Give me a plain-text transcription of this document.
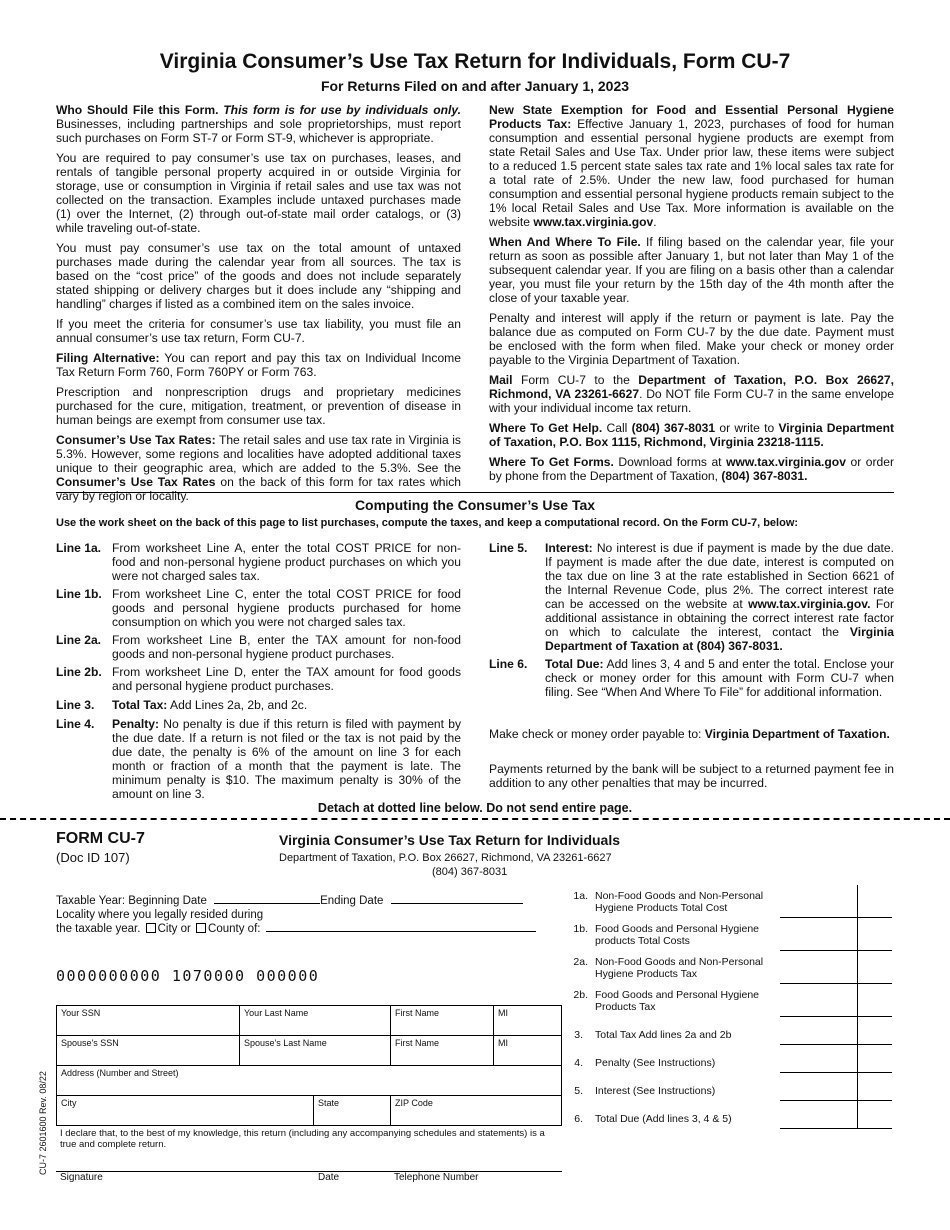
Virginia Consumer’s Use Tax Return for Individuals, Form CU-7
For Returns Filed on and after January 1, 2023

Who Should File this Form. This form is for use by individuals only. Businesses, including partnerships and sole proprietorships, must report such purchases on Form ST-7 or Form ST-9, whichever is appropriate.

You are required to pay consumer’s use tax on purchases, leases, and rentals of tangible personal property acquired in or outside Virginia for storage, use or consumption in Virginia if retail sales and use tax was not collected on the transaction. Examples include untaxed purchases made (1) over the Internet, (2) through out-of-state mail order catalogs, or (3) while traveling out-of-state.

You must pay consumer’s use tax on the total amount of untaxed purchases made during the calendar year from all sources. The tax is based on the “cost price” of the goods and does not include separately stated shipping or delivery charges but it does include any “shipping and handling” charges if listed as a combined item on the sales invoice.

If you meet the criteria for consumer’s use tax liability, you must file an annual consumer’s use tax return, Form CU-7.

Filing Alternative: You can report and pay this tax on Individual Income Tax Return Form 760, Form 760PY or Form 763.

Prescription and nonprescription drugs and proprietary medicines purchased for the cure, mitigation, treatment, or prevention of disease in human beings are exempt from consumer use tax.

Consumer’s Use Tax Rates: The retail sales and use tax rate in Virginia is 5.3%. However, some regions and localities have adopted additional taxes unique to their geographic area, which are added to the 5.3%. See the Consumer’s Use Tax Rates on the back of this form for tax rates which vary by region or locality.

New State Exemption for Food and Essential Personal Hygiene Products Tax: Effective January 1, 2023, purchases of food for human consumption and essential personal hygiene products are exempt from state Retail Sales and Use Tax. Under prior law, these items were subject to a reduced 1.5 percent state sales tax rate and 1% local sales tax rate for a total rate of 2.5%. Under the new law, food purchased for human consumption and essential personal hygiene products remain subject to the 1% local Retail Sales and Use Tax. More information is available on the website www.tax.virginia.gov.

When And Where To File. If filing based on the calendar year, file your return as soon as possible after January 1, but not later than May 1 of the subsequent calendar year. If you are filing on a basis other than a calendar year, you must file your return by the 15th day of the 4th month after the close of your taxable year.

Penalty and interest will apply if the return or payment is late. Pay the balance due as computed on Form CU-7 by the due date. Payment must be enclosed with the form when filed. Make your check or money order payable to the Virginia Department of Taxation.

Mail Form CU-7 to the Department of Taxation, P.O. Box 26627, Richmond, VA 23261-6627. Do NOT file Form CU-7 in the same envelope with your individual income tax return.

Where To Get Help. Call (804) 367-8031 or write to Virginia Department of Taxation, P.O. Box 1115, Richmond, Virginia 23218-1115.

Where To Get Forms. Download forms at www.tax.virginia.gov or order by phone from the Department of Taxation, (804) 367-8031.

Computing the Consumer’s Use Tax
Use the work sheet on the back of this page to list purchases, compute the taxes, and keep a computational record. On the Form CU-7, below:
Line 1a. From worksheet Line A, enter the total COST PRICE for non-food and non-personal hygiene product purchases on which you were not charged sales tax.
Line 1b. From worksheet Line C, enter the total COST PRICE for food goods and personal hygiene products purchased for home consumption on which you were not charged sales tax.
Line 2a. From worksheet Line B, enter the TAX amount for non-food goods and non-personal hygiene product purchases.
Line 2b. From worksheet Line D, enter the TAX amount for food goods and personal hygiene product purchases.
Line 3. Total Tax: Add Lines 2a, 2b, and 2c.
Line 4. Penalty: No penalty is due if this return is filed with payment by the due date. If a return is not filed or the tax is not paid by the due date, the penalty is 6% of the amount on line 3 for each month or fraction of a month that the payment is late. The minimum penalty is $10. The maximum penalty is 30% of the amount on line 3.
Line 5. Interest: No interest is due if payment is made by the due date. If payment is made after the due date, interest is computed on the tax due on line 3 at the rate established in Section 6621 of the Internal Revenue Code, plus 2%. The correct interest rate can be accessed on the website at www.tax.virginia.gov. For additional assistance in obtaining the correct interest rate factor on which to calculate the interest, contact the Virginia Department of Taxation at (804) 367-8031.
Line 6. Total Due: Add lines 3, 4 and 5 and enter the total. Enclose your check or money order for this amount with Form CU-7 when filing. See “When And Where To File” for additional information.
Make check or money order payable to: Virginia Department of Taxation.
Payments returned by the bank will be subject to a returned payment fee in addition to any other penalties that may be incurred.
Detach at dotted line below. Do not send entire page.
FORM CU-7
(Doc ID 107)
Virginia Consumer’s Use Tax Return for Individuals
Department of Taxation, P.O. Box 26627, Richmond, VA 23261-6627
(804) 367-8031
Taxable Year: Beginning Date	Ending Date
Locality where you legally resided during
the taxable year. City or County of:
0000000000 1070000 000000
CU-7 2601600 Rev. 08/22
Your SSN	Your Last Name	First Name	MI
Spouse's SSN	Spouse's Last Name	First Name	MI
Address (Number and Street)
City	State	ZIP Code
I declare that, to the best of my knowledge, this return (including any accompanying schedules and statements) is a true and complete return.
Signature	Date	Telephone Number
1a. Non-Food Goods and Non-Personal Hygiene Products Total Cost
1b. Food Goods and Personal Hygiene products Total Costs
2a. Non-Food Goods and Non-Personal Hygiene Products Tax
2b. Food Goods and Personal Hygiene Products Tax
3. Total Tax Add lines 2a and 2b
4. Penalty (See Instructions)
5. Interest (See Instructions)
6. Total Due (Add lines 3, 4 & 5)
